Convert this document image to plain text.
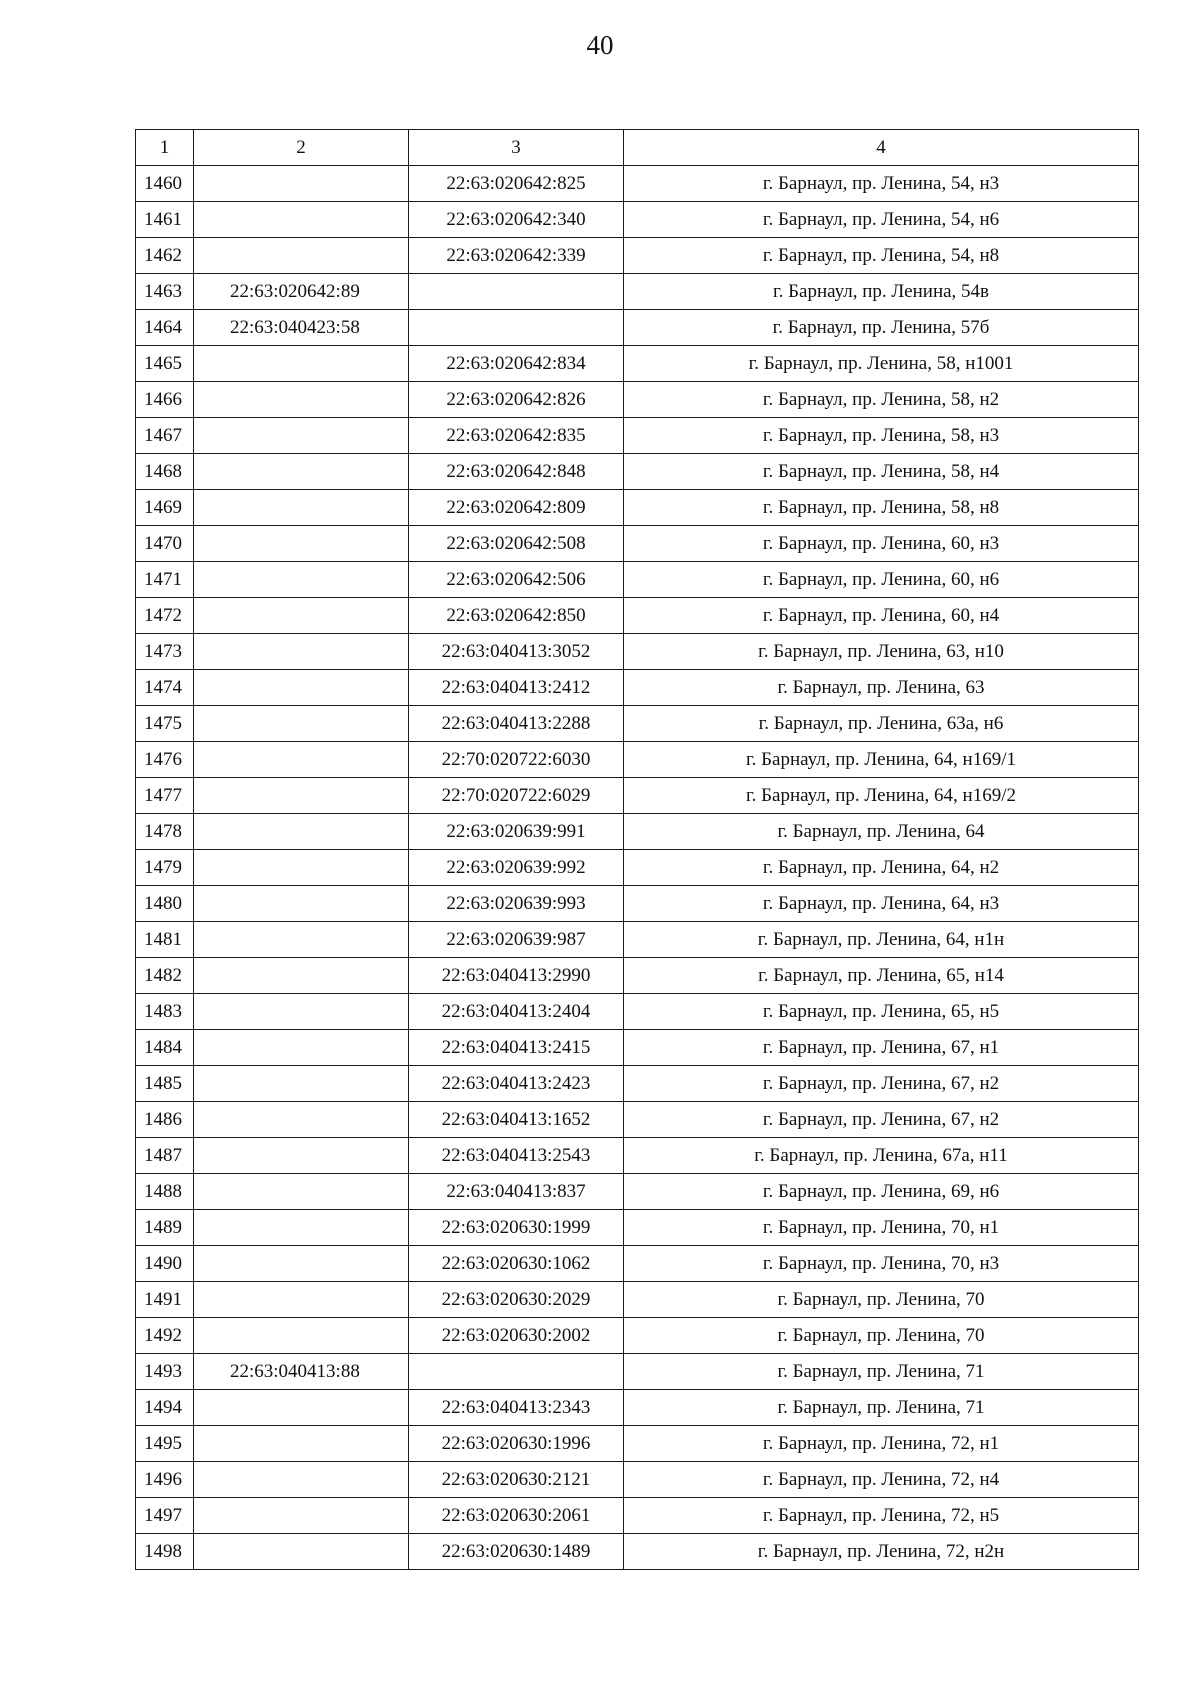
40
1	2	3	4
1460		22:63:020642:825	г. Барнаул, пр. Ленина, 54, н3
1461		22:63:020642:340	г. Барнаул, пр. Ленина, 54, н6
1462		22:63:020642:339	г. Барнаул, пр. Ленина, 54, н8
1463	22:63:020642:89		г. Барнаул, пр. Ленина, 54в
1464	22:63:040423:58		г. Барнаул, пр. Ленина, 57б
1465		22:63:020642:834	г. Барнаул, пр. Ленина, 58, н1001
1466		22:63:020642:826	г. Барнаул, пр. Ленина, 58, н2
1467		22:63:020642:835	г. Барнаул, пр. Ленина, 58, н3
1468		22:63:020642:848	г. Барнаул, пр. Ленина, 58, н4
1469		22:63:020642:809	г. Барнаул, пр. Ленина, 58, н8
1470		22:63:020642:508	г. Барнаул, пр. Ленина, 60, н3
1471		22:63:020642:506	г. Барнаул, пр. Ленина, 60, н6
1472		22:63:020642:850	г. Барнаул, пр. Ленина, 60, н4
1473		22:63:040413:3052	г. Барнаул, пр. Ленина, 63, н10
1474		22:63:040413:2412	г. Барнаул, пр. Ленина, 63
1475		22:63:040413:2288	г. Барнаул, пр. Ленина, 63а, н6
1476		22:70:020722:6030	г. Барнаул, пр. Ленина, 64, н169/1
1477		22:70:020722:6029	г. Барнаул, пр. Ленина, 64, н169/2
1478		22:63:020639:991	г. Барнаул, пр. Ленина, 64
1479		22:63:020639:992	г. Барнаул, пр. Ленина, 64, н2
1480		22:63:020639:993	г. Барнаул, пр. Ленина, 64, н3
1481		22:63:020639:987	г. Барнаул, пр. Ленина, 64, н1н
1482		22:63:040413:2990	г. Барнаул, пр. Ленина, 65, н14
1483		22:63:040413:2404	г. Барнаул, пр. Ленина, 65, н5
1484		22:63:040413:2415	г. Барнаул, пр. Ленина, 67, н1
1485		22:63:040413:2423	г. Барнаул, пр. Ленина, 67, н2
1486		22:63:040413:1652	г. Барнаул, пр. Ленина, 67, н2
1487		22:63:040413:2543	г. Барнаул, пр. Ленина, 67а, н11
1488		22:63:040413:837	г. Барнаул, пр. Ленина, 69, н6
1489		22:63:020630:1999	г. Барнаул, пр. Ленина, 70, н1
1490		22:63:020630:1062	г. Барнаул, пр. Ленина, 70, н3
1491		22:63:020630:2029	г. Барнаул, пр. Ленина, 70
1492		22:63:020630:2002	г. Барнаул, пр. Ленина, 70
1493	22:63:040413:88		г. Барнаул, пр. Ленина, 71
1494		22:63:040413:2343	г. Барнаул, пр. Ленина, 71
1495		22:63:020630:1996	г. Барнаул, пр. Ленина, 72, н1
1496		22:63:020630:2121	г. Барнаул, пр. Ленина, 72, н4
1497		22:63:020630:2061	г. Барнаул, пр. Ленина, 72, н5
1498		22:63:020630:1489	г. Барнаул, пр. Ленина, 72, н2н
